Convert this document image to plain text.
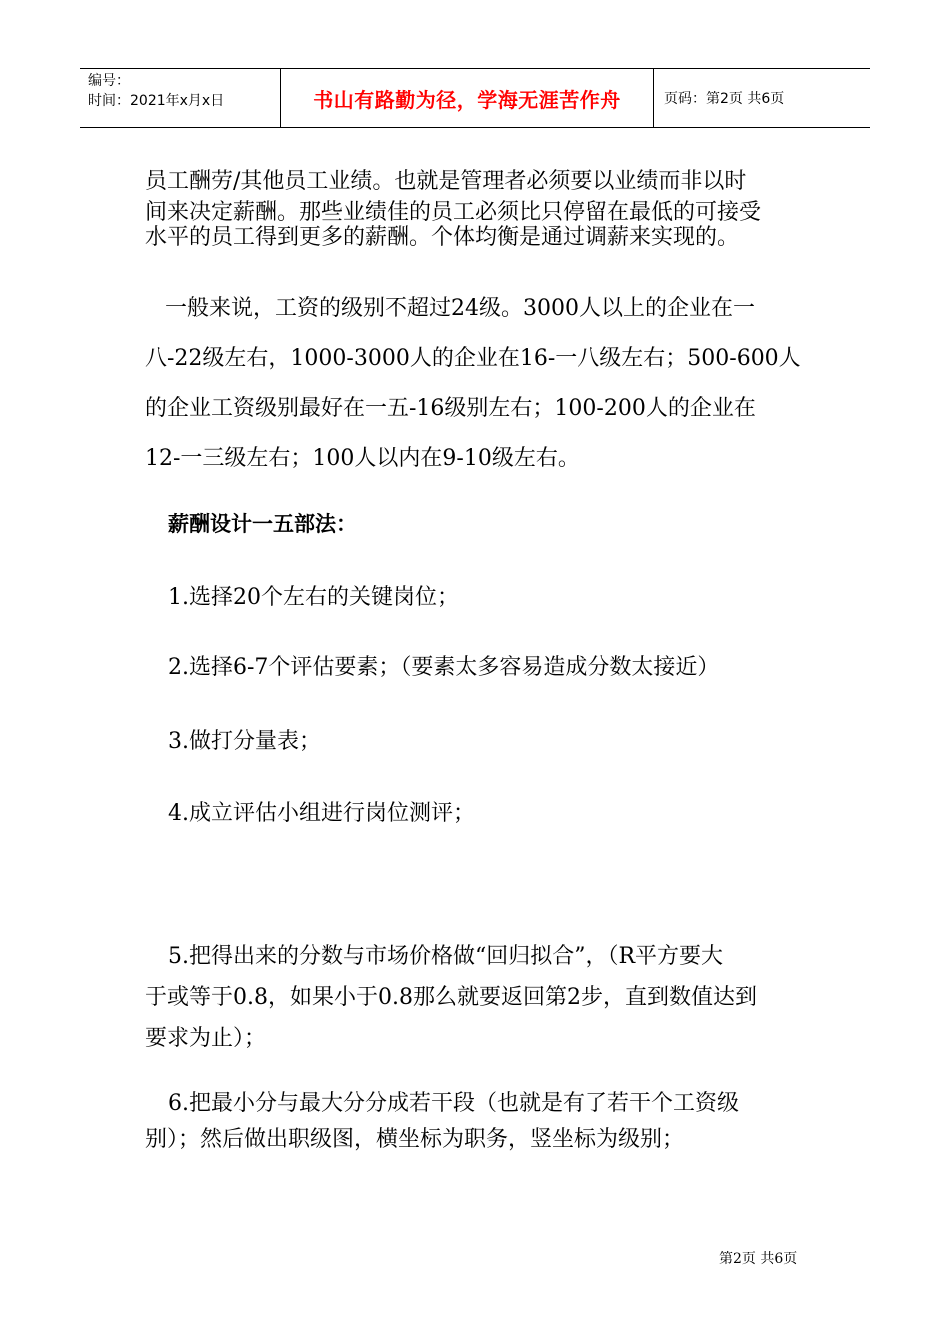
编号：
时间：2021年x月x日	书山有路勤为径，学海无涯苦作舟	页码：第2页 共6页
员工酬劳/其他员工业绩。也就是管理者必须要以业绩而非以时
间来决定薪酬。那些业绩佳的员工必须比只停留在最低的可接受
水平的员工得到更多的薪酬。个体均衡是通过调薪来实现的。
一般来说，工资的级别不超过24级。3000人以上的企业在一
八-22级左右，1000-3000人的企业在16-一八级左右；500-600人
的企业工资级别最好在一五-16级别左右；100-200人的企业在
12-一三级左右；100人以内在9-10级左右。
薪酬设计一五部法：
1.选择20个左右的关键岗位；
2.选择6-7个评估要素；（要素太多容易造成分数太接近）
3.做打分量表；
4.成立评估小组进行岗位测评；
5.把得出来的分数与市场价格做“回归拟合”，（R平方要大
于或等于0.8，如果小于0.8那么就要返回第2步，直到数值达到
要求为止）；
6.把最小分与最大分分成若干段（也就是有了若干个工资级
别）；然后做出职级图，横坐标为职务，竖坐标为级别；
第2页 共6页
